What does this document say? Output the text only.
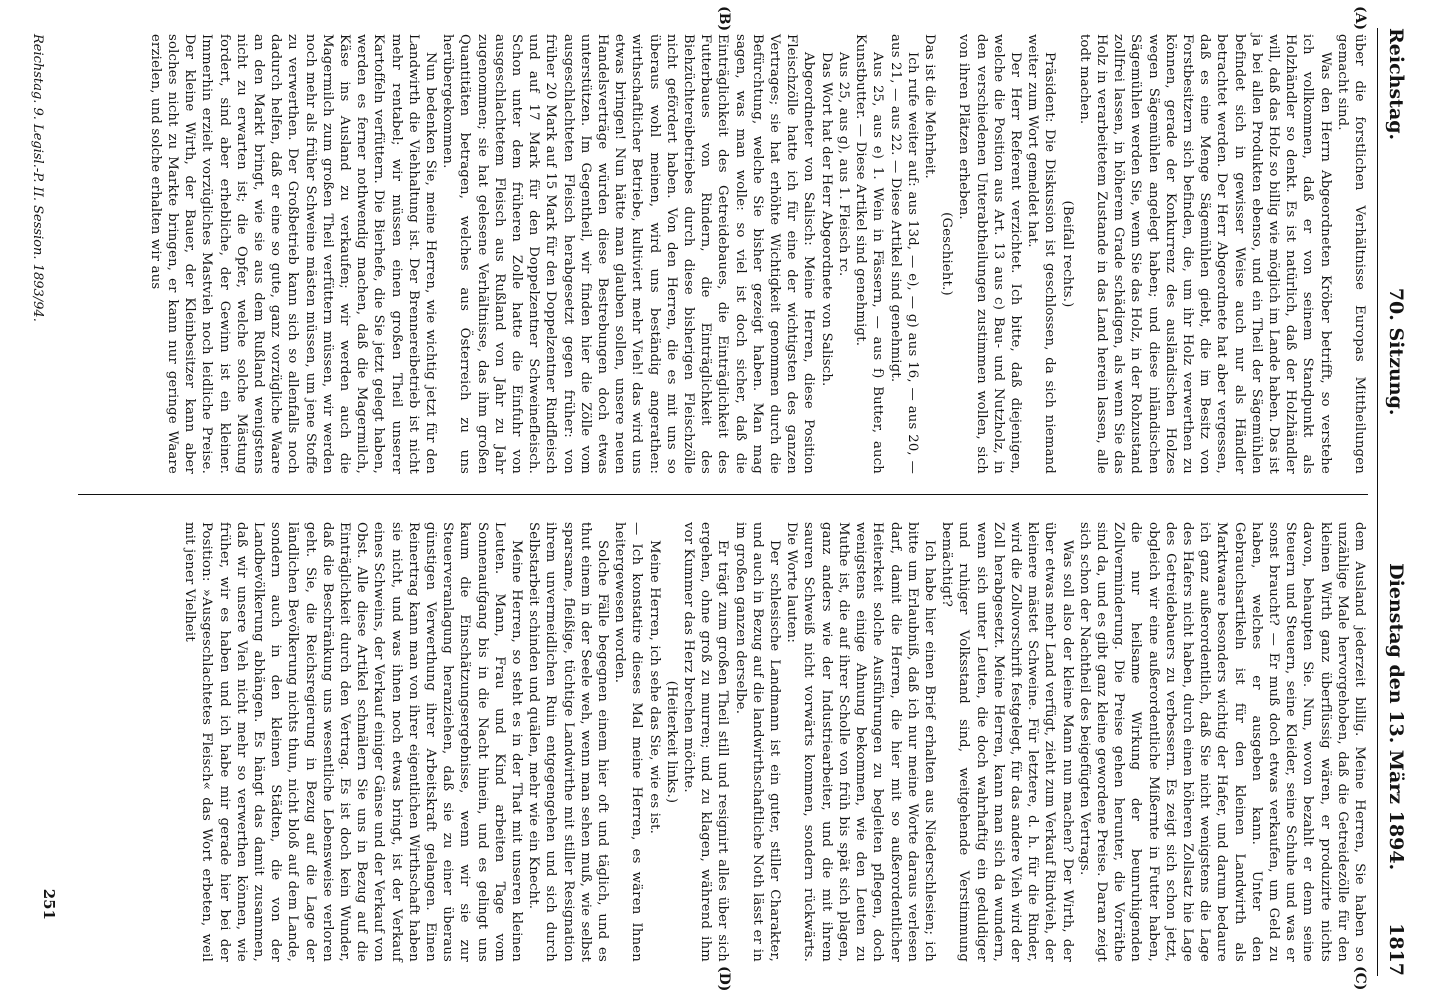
Reichstag.
70. Sitzung.
Dienstag den 13. März 1894.        1817
(A)
(B)
(C)
(D)

über die forstlichen Verhältnisse Europas Mittheilungen gemacht sind.

Was den Herrn Abgeordneten Kröber betrifft, so verstehe ich vollkommen, daß er von seinem Standpunkt als Holzhändler so denkt. Es ist natürlich, daß der Holzhändler will, daß das Holz so billig wie möglich im Lande haben. Das ist ja bei allen Produkten ebenso, und ein Theil der Sägemühlen befindet sich in gewisser Weise auch nur als Händler betrachtet werden. Der Herr Abgeordnete hat aber vergessen, daß es eine Menge Sägemühlen giebt, die im Besitz von Forstbesitzern sich befinden, die, um ihr Holz verwerthen zu können, gerade der Konkurrenz des ausländischen Holzes wegen Sägemühlen angelegt haben; und diese inländischen Sägemühlen werden Sie, wenn Sie das Holz, in der Rohzustand zollfrei lassen, in höherem Grade schädigen, als wenn Sie das Holz in verarbeitetem Zustande in das Land herein lassen, alle todt machen.

(Beifall rechts.)

Präsident: Die Diskussion ist geschlossen, da sich niemand weiter zum Wort gemeldet hat.

Der Herr Referent verzichtet. Ich bitte, daß diejenigen, welche die Position aus Art. 13 aus c) Bau- und Nutzholz, in den verschiedenen Unterabtheilungen zustimmen wollen, sich von ihren Plätzen erheben.

(Geschieht.)

Das ist die Mehrheit.

Ich rufe weiter auf: aus 13d, — e), — g) aus 16, — aus 20, — aus 21, — aus 22. — Diese Artikel sind genehmigt.

Aus 25, aus e) 1. Wein in Fässern, — aus f) Butter, auch Kunstbutter. — Diese Artikel sind genehmigt.

Aus 25, aus g), aus 1. Fleisch rc.

Das Wort hat der Herr Abgeordnete von Salisch.

Abgeordneter von Salisch: Meine Herren, diese Position Fleischzölle hatte ich für eine der wichtigsten des ganzen Vertrages; sie hat erhöhte Wichtigkeit genommen durch die Befürchtung, welche Sie bisher gezeigt haben. Man mag sagen, was man wolle: so viel ist doch sicher, daß die Einträglichkeit des Getreidebaues, die Einträglichkeit des Futterbaues von Rindern, die Einträglichkeit des Biehzüchtereibetriebes durch diese bisherigen Fleischzölle nicht gefördert haben. Von den Herren, die es mit uns so überaus wohl meinen, wird uns beständig angerathen: wirthschaftlicher Betriebe, kultiviert mehr Vieh! das wird uns etwas bringen! Nun hätte man glauben sollen, unsere neuen Handelsverträge würden diese Bestrebungen doch etwas unterstützen. Im Gegentheil, wir finden hier die Zölle vom ausgeschlachteten Fleisch herabgesetzt gegen früher: von früher 20 Mark auf 15 Mark für den Doppelzentner Rindfleisch und auf 17 Mark für den Doppelzentner Schweinefleisch. Schon unter dem früheren Zolle hatte die Einfuhr von ausgeschlachtetem Fleisch aus Rußland von Jahr zu Jahr zugenommen; sie hat gelesene Verhältnisse, das ihm großen Quantitäten betragen, welches aus Österreich zu uns herübergekommen.

Nun bedenken Sie, meine Herren, wie wichtig jetzt für den Landwirth die Viehhaltung ist. Der Brennereibetrieb ist nicht mehr rentabel; wir müssen einen großen Theil unserer Kartoffeln verfüttern. Die Bierhefe, die Sie jetzt gelegt haben, werden es ferner nothwendig machen, daß die Magermilch, Käse ins Ausland zu verkaufen; wir werden auch die Magermilch zum großen Theil verfüttern müssen, wir werden noch mehr als früher Schweine mästen müssen, um jene Stoffe zu verwerthen. Der Großbetrieb kann sich so allenfalls noch dadurch helfen, daß er eine so gute, ganz vorzügliche Waare an den Markt bringt, wie sie aus dem Rußland wenigstens nicht zu erwarten ist; die Opfer, welche solche Mästung fordert, sind aber erhebliche, der Gewinn ist ein kleiner. Immerhin erzielt vorzügliches Mastvieh noch leidliche Preise. Der kleine Wirth, der Bauer, der Kleinbesitzer kann aber solches nicht zu Markte bringen, er kann nur geringe Waare erzielen, und solche erhalten wir aus

dem Ausland jederzeit billig. Meine Herren, Sie haben so unzählige Male hervorgehoben, daß die Getreidezölle für den kleinen Wirth ganz überflüssig wären, er produzirte nichts davon, behaupten Sie. Nun, wovon bezahlt er denn seine Steuern und Steuern, seine Kleider, seine Schuhe und was er sonst braucht? — Er muß doch etwas verkaufen, um Geld zu haben, welches er ausgeben kann. Unter den Gebrauchsartikeln ist für den kleinen Landwirth als Marktwaare besonders wichtig der Hafer, und darum bedaure ich ganz außerordentlich, daß Sie nicht wenigstens die Lage des Hafers nicht haben, durch einen höheren Zollsatz hie Lage des Getreidebauers zu verbessern. Es zeigt sich schon jetzt, obgleich wir eine außerordentliche Mißernte in Futter haben, die nur heilsame Wirkung der beunruhigenden Zollverminderung. Die Preise gehen herunter, die Vorräthe sind da, und es gibt ganz kleine gewordene Preise. Daran zeigt sich schon der Nachtheil des beigefügten Vertrags.

Was soll also der kleine Mann nun machen? Der Wirth, der über etwas mehr Land verfügt, zieht zum Verkauf Rindvieh, der kleinere mästet Schweine. Für letztere, d. h. für die Rinder, wird die Zollvorschrift festgelegt, für das andere Vieh wird der Zoll herabgesetzt. Meine Herren, kann man sich da wundern, wenn sich unter Leuten, die doch wahrhaftig ein geduldiger und ruhiger Volksstand sind, weitgehende Verstimmung bemächtigt?

Ich habe hier einen Brief erhalten aus Niederschlesien; ich bitte um Erlaubniß, daß ich nur meine Worte daraus verlesen darf, damit die Herren, die hier mit so außerordentlicher Heiterkeit solche Ausführungen zu begleiten pflegen, doch wenigstens einige Ahnung bekommen, wie den Leuten zu Muthe ist, die auf ihrer Scholle von früh bis spät sich plagen, ganz anders wie der Industriearbeiter, und die mit ihrem sauren Schweiß nicht vorwärts kommen, sondern rückwärts. Die Worte lauten:

Der schlesische Landmann ist ein guter, stiller Charakter, und auch in Bezug auf die landwirthschaftliche Noth lässt er in im großen ganzen derselbe.

Er trägt zum großen Theil still und resignirt alles über sich ergehen, ohne groß zu murren; und zu klagen, während ihm vor Kummer das Herz brechen möchte.

(Heiterkeit links.)

Meine Herren, ich sehe das Sie, wie es ist.

— Ich konstatire dieses Mal meine Herren, es wären Ihnen heitergewesen worden.

Solche Fälle begegnen einem hier oft und täglich, und es thut einem in der Seele weh, wenn man sehen muß, wie selbst sparsame, fleißige, tüchtige Landwirthe mit stiller Resignation ihrem unvermeidlichen Ruin entgegengehen und sich durch Selbstarbeit schinden und quälen, mehr wie ein Knecht.

Meine Herren, so steht es in der That mit unseren kleinen Leuten. Mann, Frau und Kind arbeiten Tage vom Sonnenaufgang bis in die Nacht hinein, und es gelingt uns kaum die Einschätzungsergebnisse, wenn wir sie zur Steuerveranlagung heranziehen, daß sie zu einer überaus günstigen Verwerthung ihrer Arbeitskraft gelangen. Einen Reinertrag kann man von ihrer eigentlichen Wirthschaft haben sie nicht, und was ihnen noch etwas bringt, ist der Verkauf eines Schweins, der Verkauf einiger Gänse und der Verkauf von Obst. Alle diese Artikel schmälern Sie uns in Bezug auf die Einträglichkeit durch den Vertrag. Es ist doch kein Wunder, daß die Beschränkung uns wesentliche Lebensweise verloren geht. Sie, die Reichsregierung in Bezug auf die Lage der ländlichen Bevölkerung nichts thun, nicht bloß auf dem Lande, sondern auch in den kleinen Städten, die von der Landbevölkerung abhängen. Es hängt das damit zusammen, daß wir unsere Vieh nicht mehr so verwerthen können, wie früher, wir es haben und ich habe mir gerade hier bei der Position: »Ausgeschlachtetes Fleisch« das Wort erbeten, weil mit jener Vielheit

Reichstag. 9. Legisl.-P. II. Session. 1893/94.
251
